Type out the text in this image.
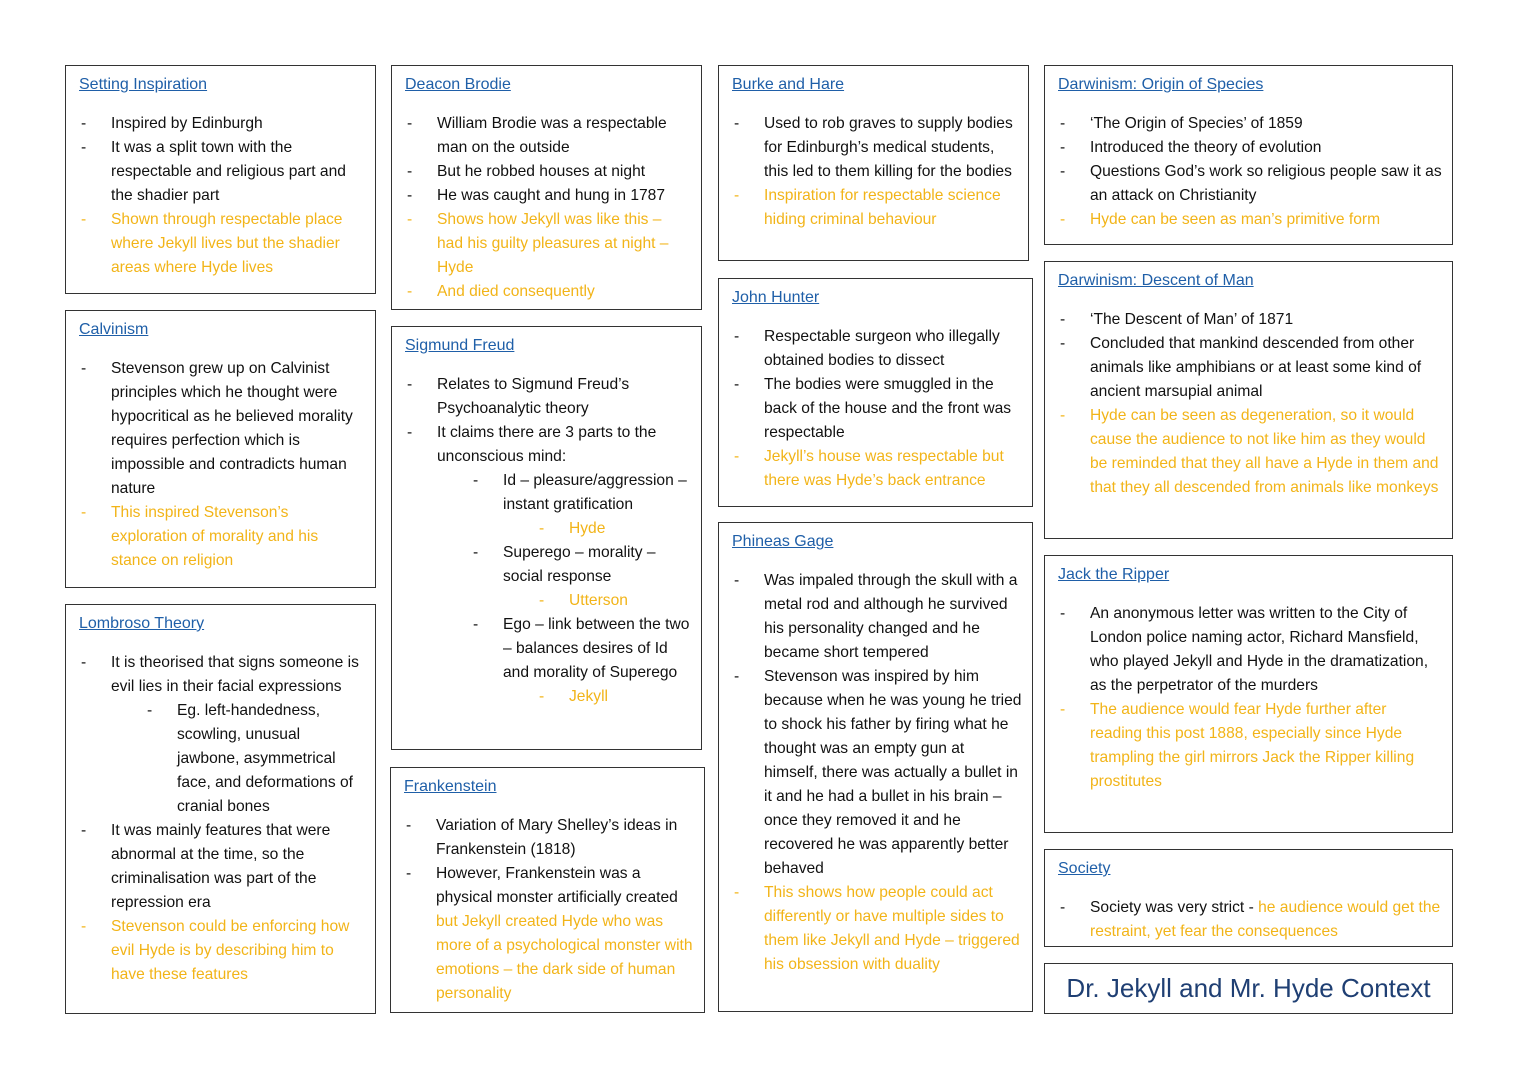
Setting Inspiration
- Inspired by Edinburgh
- It was a split town with the respectable and religious part and the shadier part
- Shown through respectable place where Jekyll lives but the shadier areas where Hyde lives
Calvinism
- Stevenson grew up on Calvinist principles which he thought were hypocritical as he believed morality requires perfection which is impossible and contradicts human nature
- This inspired Stevenson’s exploration of morality and his stance on religion
Lombroso Theory
- It is theorised that signs someone is evil lies in their facial expressions
- Eg. left-handedness, scowling, unusual jawbone, asymmetrical face, and deformations of cranial bones
- It was mainly features that were abnormal at the time, so the criminalisation was part of the repression era
- Stevenson could be enforcing how evil Hyde is by describing him to have these features
Deacon Brodie
- William Brodie was a respectable man on the outside
- But he robbed houses at night
- He was caught and hung in 1787
- Shows how Jekyll was like this – had his guilty pleasures at night – Hyde
- And died consequently
Sigmund Freud
- Relates to Sigmund Freud’s Psychoanalytic theory
- It claims there are 3 parts to the unconscious mind:
- Id – pleasure/aggression – instant gratification
- Hyde
- Superego – morality – social response
- Utterson
- Ego – link between the two – balances desires of Id and morality of Superego
- Jekyll
Frankenstein
- Variation of Mary Shelley’s ideas in Frankenstein (1818)
- However, Frankenstein was a physical monster artificially created but Jekyll created Hyde who was more of a psychological monster with emotions – the dark side of human personality
Burke and Hare
- Used to rob graves to supply bodies for Edinburgh’s medical students, this led to them killing for the bodies
- Inspiration for respectable science hiding criminal behaviour
John Hunter
- Respectable surgeon who illegally obtained bodies to dissect
- The bodies were smuggled in the back of the house and the front was respectable
- Jekyll’s house was respectable but there was Hyde’s back entrance
Phineas Gage
- Was impaled through the skull with a metal rod and although he survived his personality changed and he became short tempered
- Stevenson was inspired by him because when he was young he tried to shock his father by firing what he thought was an empty gun at himself, there was actually a bullet in it and he had a bullet in his brain – once they removed it and he recovered he was apparently better behaved
- This shows how people could act differently or have multiple sides to them like Jekyll and Hyde – triggered his obsession with duality
Darwinism: Origin of Species
- ‘The Origin of Species’ of 1859
- Introduced the theory of evolution
- Questions God’s work so religious people saw it as an attack on Christianity
- Hyde can be seen as man’s primitive form
Darwinism: Descent of Man
- ‘The Descent of Man’ of 1871
- Concluded that mankind descended from other animals like amphibians or at least some kind of ancient marsupial animal
- Hyde can be seen as degeneration, so it would cause the audience to not like him as they would be reminded that they all have a Hyde in them and that they all descended from animals like monkeys
Jack the Ripper
- An anonymous letter was written to the City of London police naming actor, Richard Mansfield, who played Jekyll and Hyde in the dramatization, as the perpetrator of the murders
- The audience would fear Hyde further after reading this post 1888, especially since Hyde trampling the girl mirrors Jack the Ripper killing prostitutes
Society
- Society was very strict - he audience would get the restraint, yet fear the consequences
Dr. Jekyll and Mr. Hyde Context
